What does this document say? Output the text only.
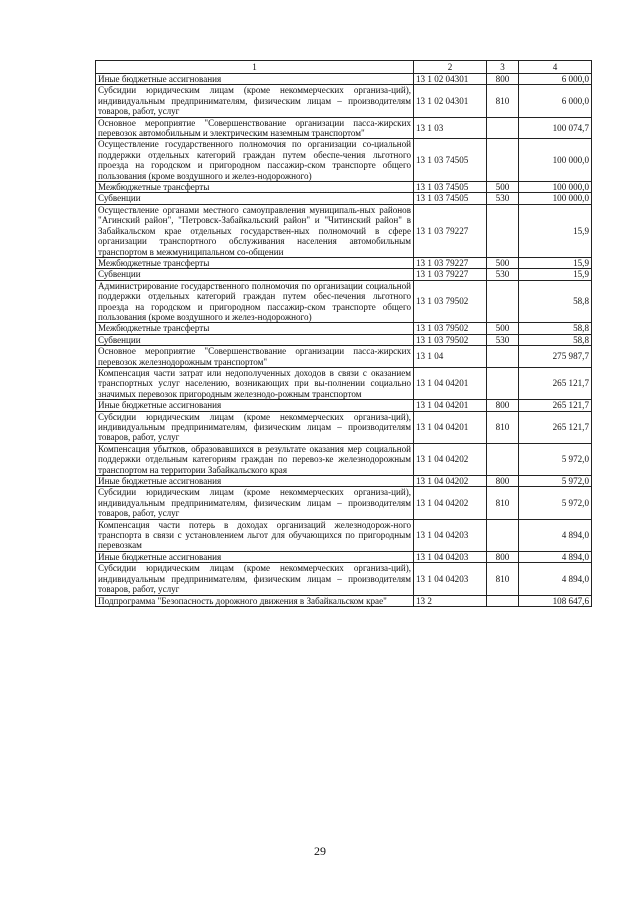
1	2	3	4
Иные бюджетные ассигнования	13 1 02 04301	800	6 000,0
Субсидии юридическим лицам (кроме некоммерческих организа-ций), индивидуальным предпринимателям, физическим лицам – производителям товаров, работ, услуг	13 1 02 04301	810	6 000,0
Основное мероприятие "Совершенствование организации пасса-жирских перевозок автомобильным и электрическим наземным транспортом"	13 1 03		100 074,7
Осуществление государственного полномочия по организации со-циальной поддержки отдельных категорий граждан путем обеспе-чения льготного проезда на городском и пригородном пассажир-ском транспорте общего пользования (кроме воздушного и желез-нодорожного)	13 1 03 74505		100 000,0
Межбюджетные трансферты	13 1 03 74505	500	100 000,0
Субвенции	13 1 03 74505	530	100 000,0
Осуществление органами местного самоуправления муниципаль-ных районов "Агинский район", "Петровск-Забайкальский район" и "Читинский район" в Забайкальском крае отдельных государствен-ных полномочий в сфере организации транспортного обслуживания населения автомобильным транспортом в межмуниципальном со-общении	13 1 03 79227		15,9
Межбюджетные трансферты	13 1 03 79227	500	15,9
Субвенции	13 1 03 79227	530	15,9
Администрирование государственного полномочия по организации социальной поддержки отдельных категорий граждан путем обес-печения льготного проезда на городском и пригородном пассажир-ском транспорте общего пользования (кроме воздушного и желез-нодорожного)	13 1 03 79502		58,8
Межбюджетные трансферты	13 1 03 79502	500	58,8
Субвенции	13 1 03 79502	530	58,8
Основное мероприятие "Совершенствование организации пасса-жирских перевозок железнодорожным транспортом"	13 1 04		275 987,7
Компенсация части затрат или недополученных доходов в связи с оказанием транспортных услуг населению, возникающих при вы-полнении социально значимых перевозок пригородным железнодо-рожным транспортом	13 1 04 04201		265 121,7
Иные бюджетные ассигнования	13 1 04 04201	800	265 121,7
Субсидии юридическим лицам (кроме некоммерческих организа-ций), индивидуальным предпринимателям, физическим лицам – производителям товаров, работ, услуг	13 1 04 04201	810	265 121,7
Компенсация убытков, образовавшихся в результате оказания мер социальной поддержки отдельным категориям граждан по перевоз-ке железнодорожным транспортом на территории Забайкальского края	13 1 04 04202		5 972,0
Иные бюджетные ассигнования	13 1 04 04202	800	5 972,0
Субсидии юридическим лицам (кроме некоммерческих организа-ций), индивидуальным предпринимателям, физическим лицам – производителям товаров, работ, услуг	13 1 04 04202	810	5 972,0
Компенсация части потерь в доходах организаций железнодорож-ного транспорта в связи с установлением льгот для обучающихся по пригородным перевозкам	13 1 04 04203		4 894,0
Иные бюджетные ассигнования	13 1 04 04203	800	4 894,0
Субсидии юридическим лицам (кроме некоммерческих организа-ций), индивидуальным предпринимателям, физическим лицам – производителям товаров, работ, услуг	13 1 04 04203	810	4 894,0
Подпрограмма "Безопасность дорожного движения в Забайкальском крае"	13 2		108 647,6
29
